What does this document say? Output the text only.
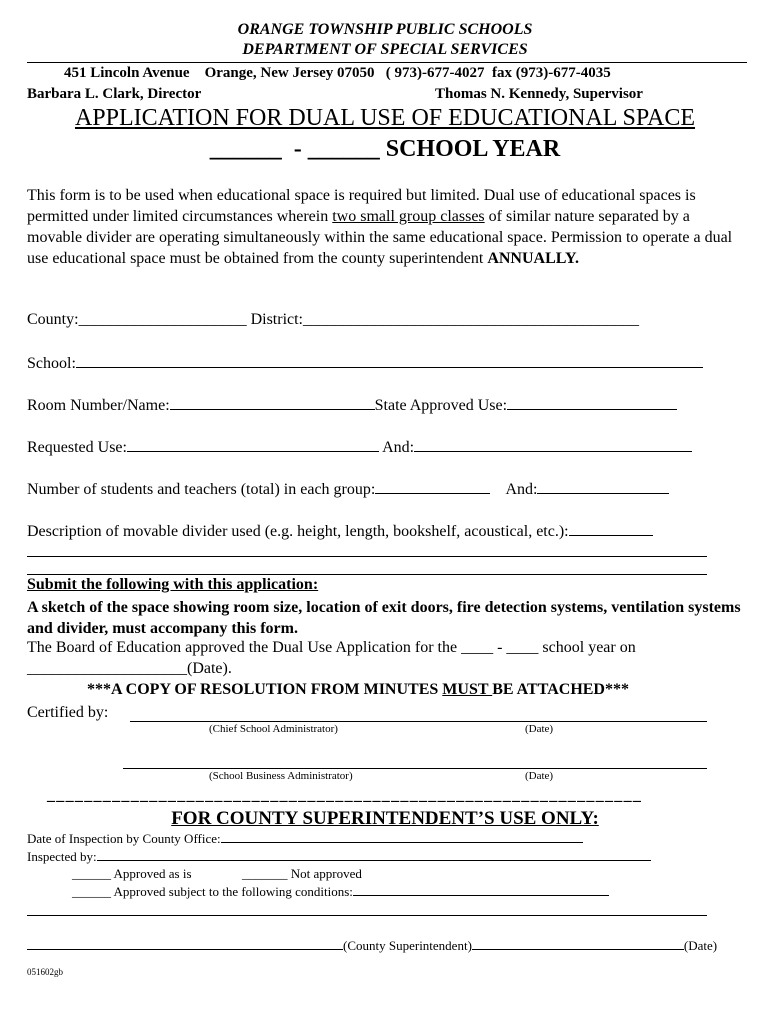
ORANGE TOWNSHIP PUBLIC SCHOOLS
DEPARTMENT OF SPECIAL SERVICES
451 Lincoln Avenue    Orange, New Jersey 07050   ( 973)-677-4027  fax (973)-677-4035
Barbara L. Clark, Director	Thomas N. Kennedy, Supervisor
APPLICATION FOR DUAL USE OF EDUCATIONAL SPACE
______  - ______ SCHOOL YEAR
This form is to be used when educational space is required but limited. Dual use of educational spaces is permitted under limited circumstances wherein two small group classes of similar nature separated by a movable divider are operating simultaneously within the same educational space. Permission to operate a dual use educational space must be obtained from the county superintendent ANNUALLY.
County:_____________________ District:__________________________________________
School:
Room Number/Name:	State Approved Use:
Requested Use:	And:
Number of students and teachers (total) in each group:	And:
Description of movable divider used (e.g. height, length, bookshelf, acoustical, etc.):
Submit the following with this application:
A sketch of the space showing room size, location of exit doors, fire detection systems, ventilation systems and divider, must accompany this form.
The Board of Education approved the Dual Use Application for the ____ - ____ school year on
____________________(Date).
***A COPY OF RESOLUTION FROM MINUTES MUST BE ATTACHED***
Certified by:
(Chief School Administrator)	(Date)
(School Business Administrator)	(Date)
________________________________________________________________
FOR COUNTY SUPERINTENDENT’S USE ONLY:
Date of Inspection by County Office:
Inspected by:
______ Approved as is	_______ Not approved
______ Approved subject to the following conditions:
(County Superintendent)	(Date)
051602gb
